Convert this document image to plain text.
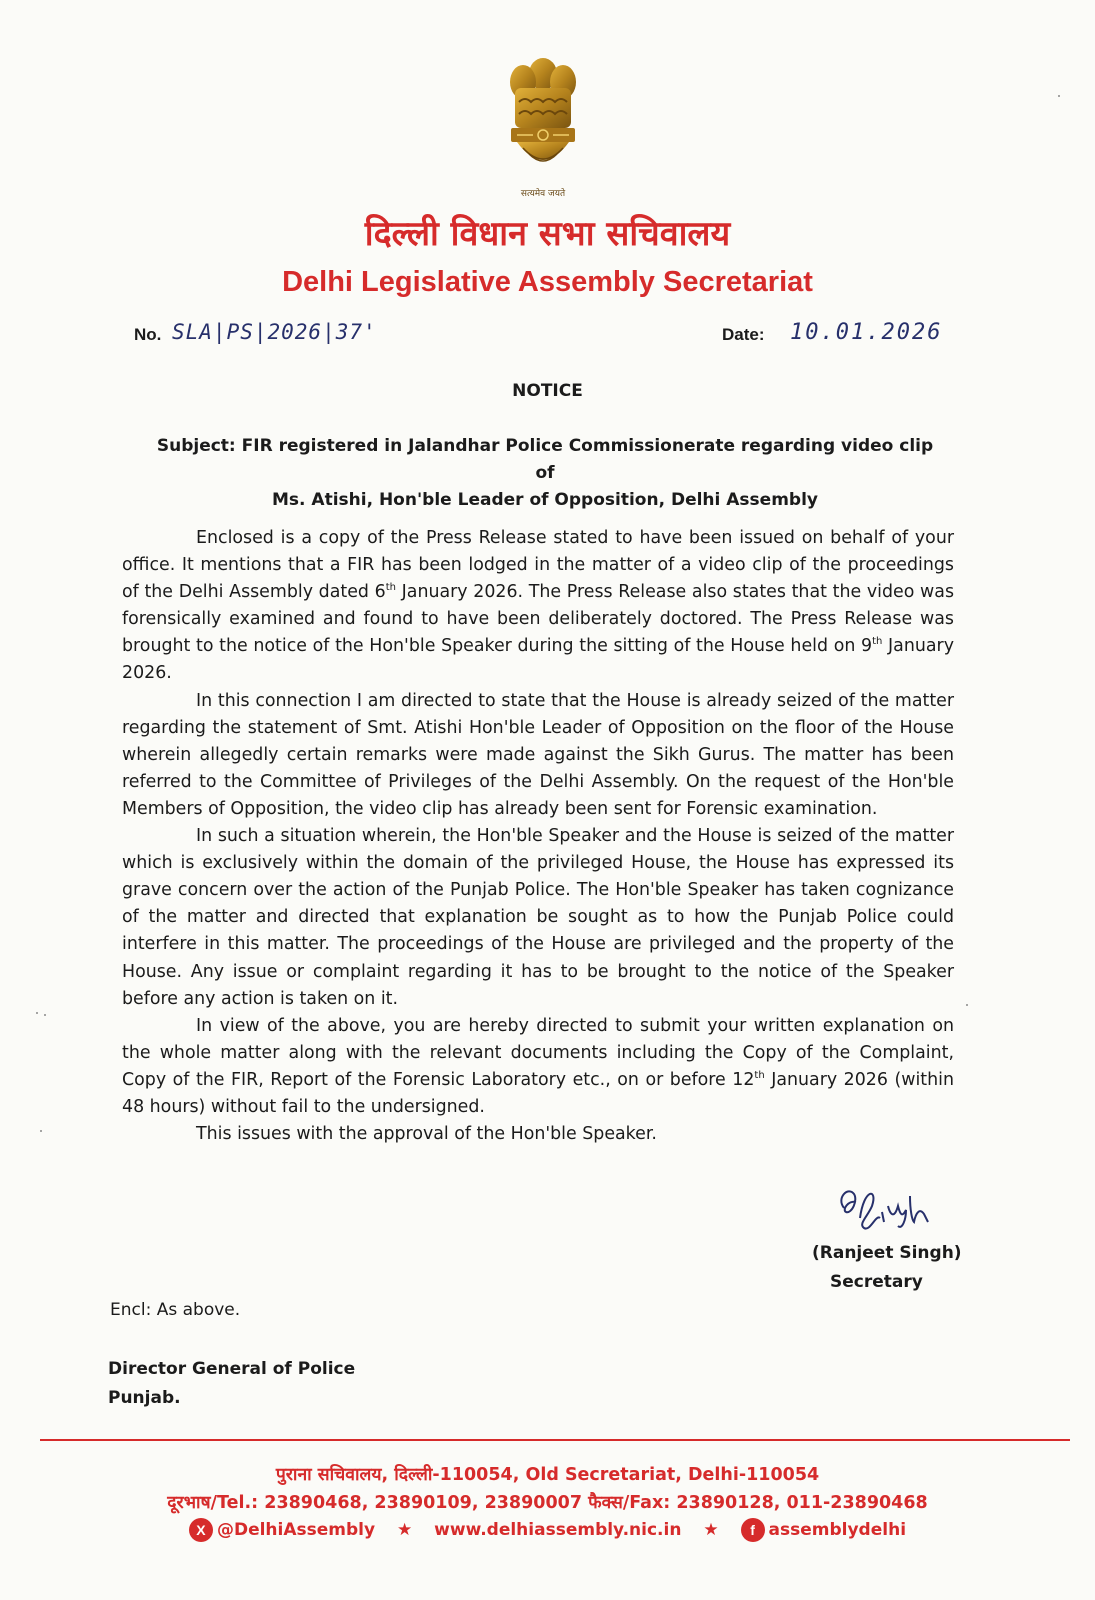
सत्यमेव जयते
दिल्ली विधान सभा सचिवालय
Delhi Legislative Assembly Secretariat
No. SLA|PS|2026|37'	Date: 10.01.2026
NOTICE
Subject: FIR registered in Jalandhar Police Commissionerate regarding video clip of
Ms. Atishi, Hon'ble Leader of Opposition, Delhi Assembly

Enclosed is a copy of the Press Release stated to have been issued on behalf of your office. It mentions that a FIR has been lodged in the matter of a video clip of the proceedings of the Delhi Assembly dated 6th January 2026. The Press Release also states that the video was forensically examined and found to have been deliberately doctored. The Press Release was brought to the notice of the Hon'ble Speaker during the sitting of the House held on 9th January 2026.

In this connection I am directed to state that the House is already seized of the matter regarding the statement of Smt. Atishi Hon'ble Leader of Opposition on the floor of the House wherein allegedly certain remarks were made against the Sikh Gurus. The matter has been referred to the Committee of Privileges of the Delhi Assembly. On the request of the Hon'ble Members of Opposition, the video clip has already been sent for Forensic examination.

In such a situation wherein, the Hon'ble Speaker and the House is seized of the matter which is exclusively within the domain of the privileged House, the House has expressed its grave concern over the action of the Punjab Police. The Hon'ble Speaker has taken cognizance of the matter and directed that explanation be sought as to how the Punjab Police could interfere in this matter. The proceedings of the House are privileged and the property of the House. Any issue or complaint regarding it has to be brought to the notice of the Speaker before any action is taken on it.

In view of the above, you are hereby directed to submit your written explanation on the whole matter along with the relevant documents including the Copy of the Complaint, Copy of the FIR, Report of the Forensic Laboratory etc., on or before 12th January 2026 (within 48 hours) without fail to the undersigned.

This issues with the approval of the Hon'ble Speaker.

(Ranjeet Singh)
Secretary
Encl: As above.
Director General of Police
Punjab.
पुराना सचिवालय, दिल्ली-110054, Old Secretariat, Delhi-110054
दूरभाष/Tel.: 23890468, 23890109, 23890007 फैक्स/Fax: 23890128, 011-23890468
X @DelhiAssembly ★ www.delhiassembly.nic.in ★	f assemblydelhi
